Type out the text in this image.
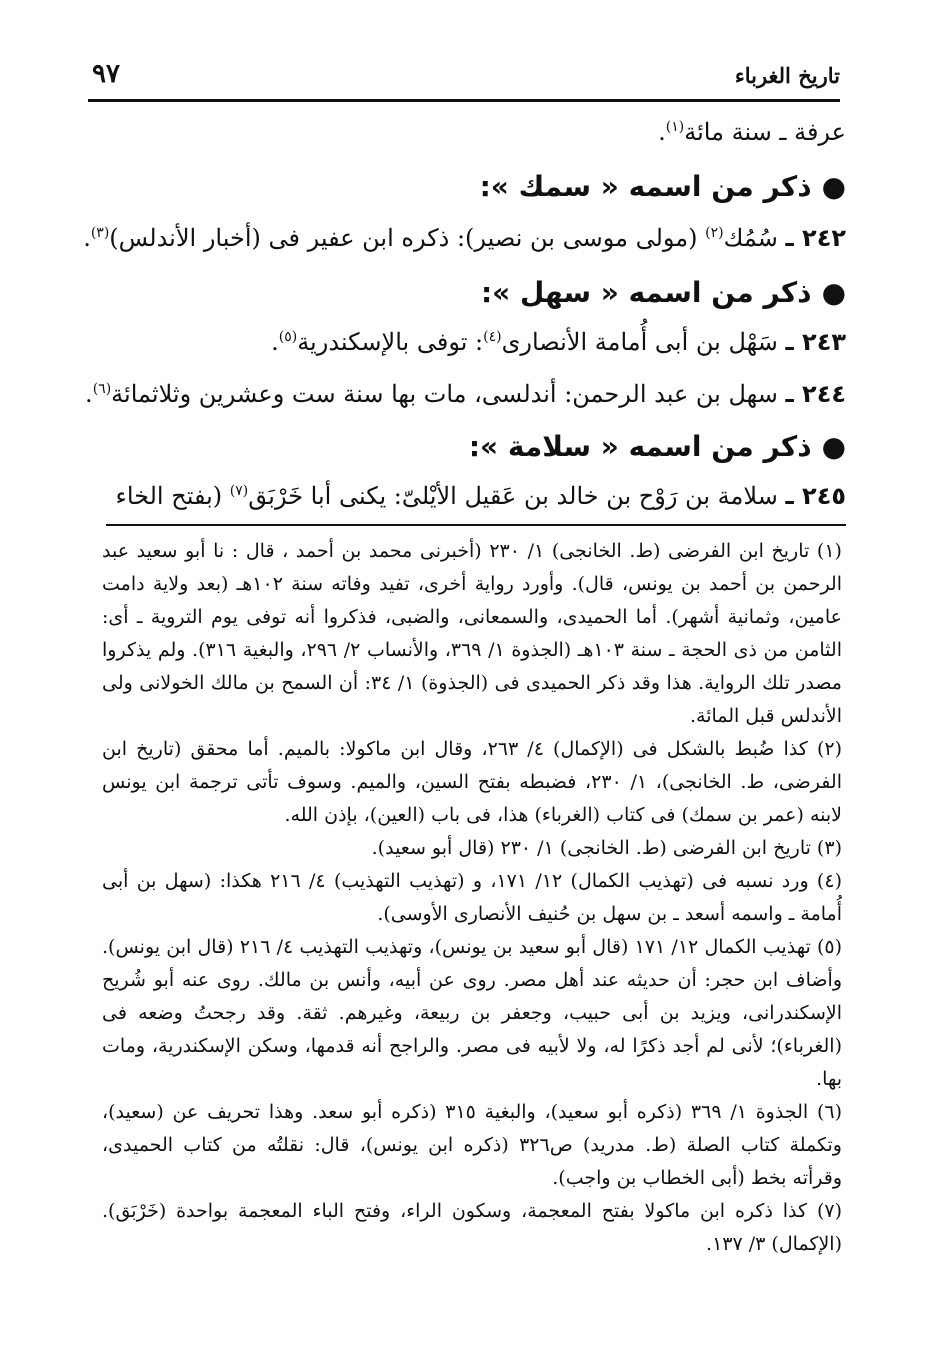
تاريخ الغرباء
٩٧
عرفة ـ سنة مائة$^{(١)}$.
●ذكر من اسمه « سمك »:
٢٤٢ ـ سُمُك$^{(٢)}$ (مولى موسى بن نصير): ذكره ابن عفير فى (أخبار الأندلس)$^{(٣)}$.
●ذكر من اسمه « سهل »:
٢٤٣ ـ سَهْل بن أبى أُمامة الأنصارى$^{(٤)}$: توفى بالإسكندرية$^{(٥)}$.
٢٤٤ ـ سهل بن عبد الرحمن: أندلسى، مات بها سنة ست وعشرين وثلاثمائة$^{(٦)}$.
●ذكر من اسمه « سلامة »:
٢٤٥ ـ سلامة بن رَوْح بن خالد بن عَقيل الأيْلىّ: يكنى أبا خَرْبَق$^{(٧)}$ (بفتح الخاء
(١) تاريخ ابن الفرضى (ط. الخانجى) ١/ ٢٣٠ (أخبرنى محمد بن أحمد ، قال : نا أبو سعيد عبد الرحمن بن أحمد بن يونس، قال). وأورد رواية أخرى، تفيد وفاته سنة ١٠٢هـ (بعد ولاية دامت عامين، وثمانية أشهر). أما الحميدى، والسمعانى، والضبى، فذكروا أنه توفى يوم التروية ـ أى: الثامن من ذى الحجة ـ سنة ١٠٣هـ (الجذوة ١/ ٣٦٩، والأنساب ٢/ ٢٩٦، والبغية ٣١٦). ولم يذكروا مصدر تلك الرواية. هذا وقد ذكر الحميدى فى (الجذوة) ١/ ٣٤: أن السمح بن مالك الخولانى ولى الأندلس قبل المائة.
(٢) كذا ضُبط بالشكل فى (الإكمال) ٤/ ٢٦٣، وقال ابن ماكولا: بالميم. أما محقق (تاريخ ابن الفرضى، ط. الخانجى)، ١/ ٢٣٠، فضبطه بفتح السين، والميم. وسوف تأتى ترجمة ابن يونس لابنه (عمر بن سمك) فى كتاب (الغرباء) هذا، فى باب (العين)، بإذن الله.
(٣) تاريخ ابن الفرضى (ط. الخانجى) ١/ ٢٣٠ (قال أبو سعيد).
(٤) ورد نسبه فى (تهذيب الكمال) ١٢/ ١٧١، و (تهذيب التهذيب) ٤/ ٢١٦ هكذا: (سهل بن أبى أُمامة ـ واسمه أسعد ـ بن سهل بن حُنيف الأنصارى الأوسى).
(٥) تهذيب الكمال ١٢/ ١٧١ (قال أبو سعيد بن يونس)، وتهذيب التهذيب ٤/ ٢١٦ (قال ابن يونس). وأضاف ابن حجر: أن حديثه عند أهل مصر. روى عن أبيه، وأنس بن مالك. روى عنه أبو شُريح الإسكندرانى، ويزيد بن أبى حبيب، وجعفر بن ربيعة، وغيرهم. ثقة. وقد رجحتُ وضعه فى (الغرباء)؛ لأنى لم أجد ذكرًا له، ولا لأبيه فى مصر. والراجح أنه قدمها، وسكن الإسكندرية، ومات بها.
(٦) الجذوة ١/ ٣٦٩ (ذكره أبو سعيد)، والبغية ٣١٥ (ذكره أبو سعد. وهذا تحريف عن (سعيد)، وتكملة كتاب الصلة (ط. مدريد) ص٣٢٦ (ذكره ابن يونس)، قال: نقلتُه من كتاب الحميدى، وقرأته بخط (أبى الخطاب بن واجب).
(٧) كذا ذكره ابن ماكولا بفتح المعجمة، وسكون الراء، وفتح الباء المعجمة بواحدة (خَرْبَق). (الإكمال) ٣/ ١٣٧.
